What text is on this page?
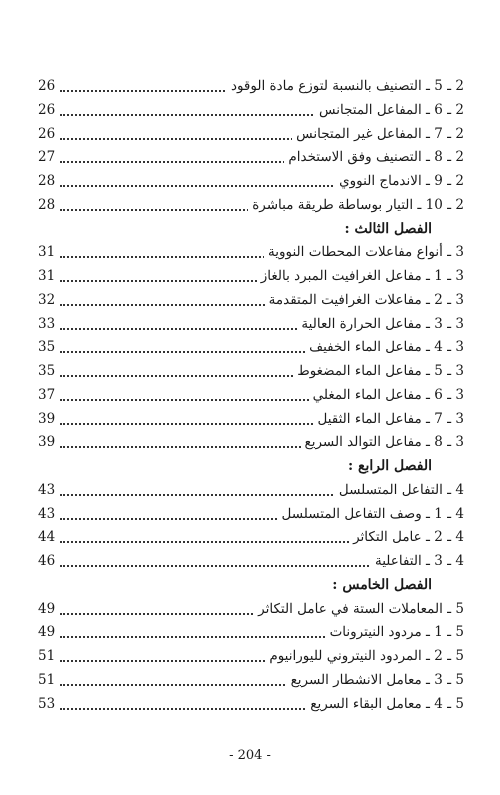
2 ـ 5 ـ التصنيف بالنسبة لتوزع مادة الوقود
26
2 ـ 6 ـ المفاعل المتجانس
26
2 ـ 7 ـ المفاعل غير المتجانس
26
2 ـ 8 ـ التصنيف وفق الاستخدام
27
2 ـ 9 ـ الاندماج النووي
28
2 ـ 10 ـ التيار بوساطة طريقة مباشرة
28
الفصل الثالث :
3 ـ أنواع مفاعلات المحطات النووية
31
3 ـ 1 ـ مفاعل الغرافيت المبرد بالغاز
31
3 ـ 2 ـ مفاعلات الغرافيت المتقدمة
32
3 ـ 3 ـ مفاعل الحرارة العالية
33
3 ـ 4 ـ مفاعل الماء الخفيف
35
3 ـ 5 ـ مفاعل الماء المضغوط
35
3 ـ 6 ـ مفاعل الماء المغلي
37
3 ـ 7 ـ مفاعل الماء الثقيل
39
3 ـ 8 ـ مفاعل التوالد السريع
39
الفصل الرابع :
4 ـ التفاعل المتسلسل
43
4 ـ 1 ـ وصف التفاعل المتسلسل
43
4 ـ 2 ـ عامل التكاثر
44
4 ـ 3 ـ التفاعلية
46
الفصل الخامس :
5 ـ المعاملات الستة في عامل التكاثر
49
5 ـ 1 ـ مردود النيترونات
49
5 ـ 2 ـ المردود النيتروني لليورانيوم
51
5 ـ 3 ـ معامل الانشطار السريع
51
5 ـ 4 ـ معامل البقاء السريع
53
- 204 -
